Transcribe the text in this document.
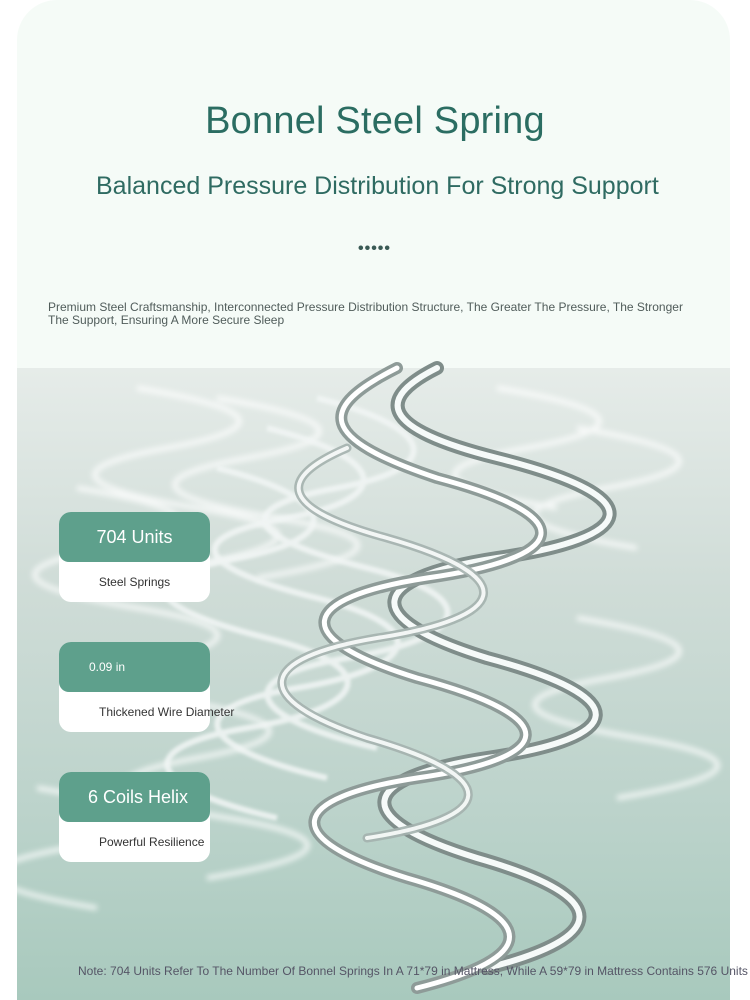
Bonnel Steel Spring
Balanced Pressure Distribution For Strong Support
•••••
Premium Steel Craftsmanship, Interconnected Pressure Distribution Structure, The Greater The Pressure, The Stronger The Support, Ensuring A More Secure Sleep
704 Units
Steel Springs
0.09 in
Thickened Wire Diameter
6 Coils Helix
Powerful Resilience
Note: 704 Units Refer To The Number Of Bonnel Springs In A 71*79 in Mattress, While A 59*79 in Mattress Contains 576 Units
